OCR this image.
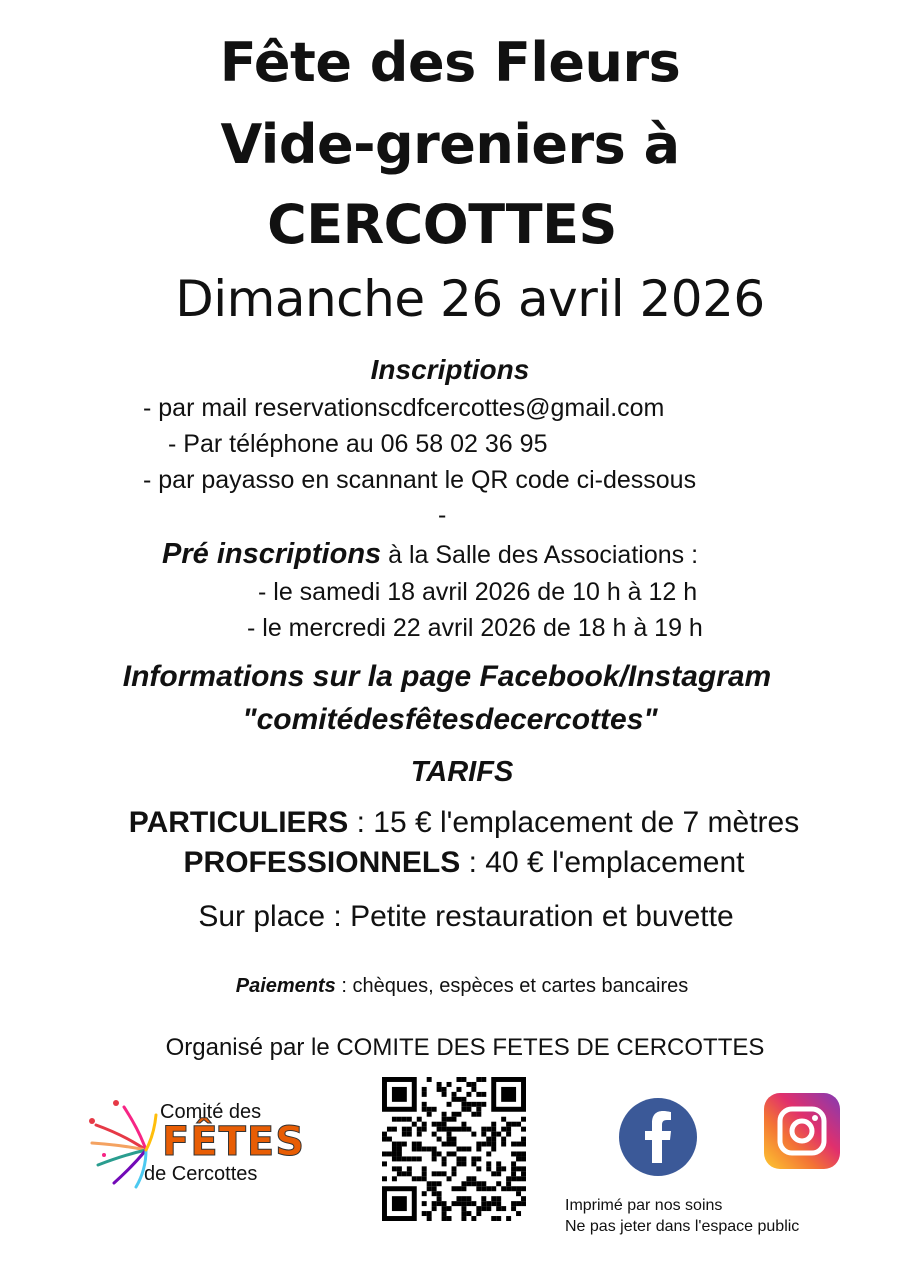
Fête des Fleurs
Vide-greniers à
CERCOTTES
Dimanche 26 avril 2026
Inscriptions
- par mail reservationscdfcercottes@gmail.com
- Par téléphone au 06 58 02 36 95
- par payasso en scannant le QR code ci-dessous
-
Pré inscriptions à la Salle des Associations :
- le samedi 18 avril 2026 de 10 h à 12 h
- le mercredi 22 avril 2026 de 18 h à 19 h
Informations sur la page Facebook/Instagram
"comitédesfêtesdecercottes"
TARIFS
PARTICULIERS : 15 € l'emplacement de 7 mètres
PROFESSIONNELS : 40 € l'emplacement
Sur place : Petite restauration et buvette
Paiements : chèques, espèces et cartes bancaires
Organisé par le COMITE DES FETES DE CERCOTTES
Comité des
FÊTES
de Cercottes
Imprimé par nos soins
Ne pas jeter dans l'espace public
